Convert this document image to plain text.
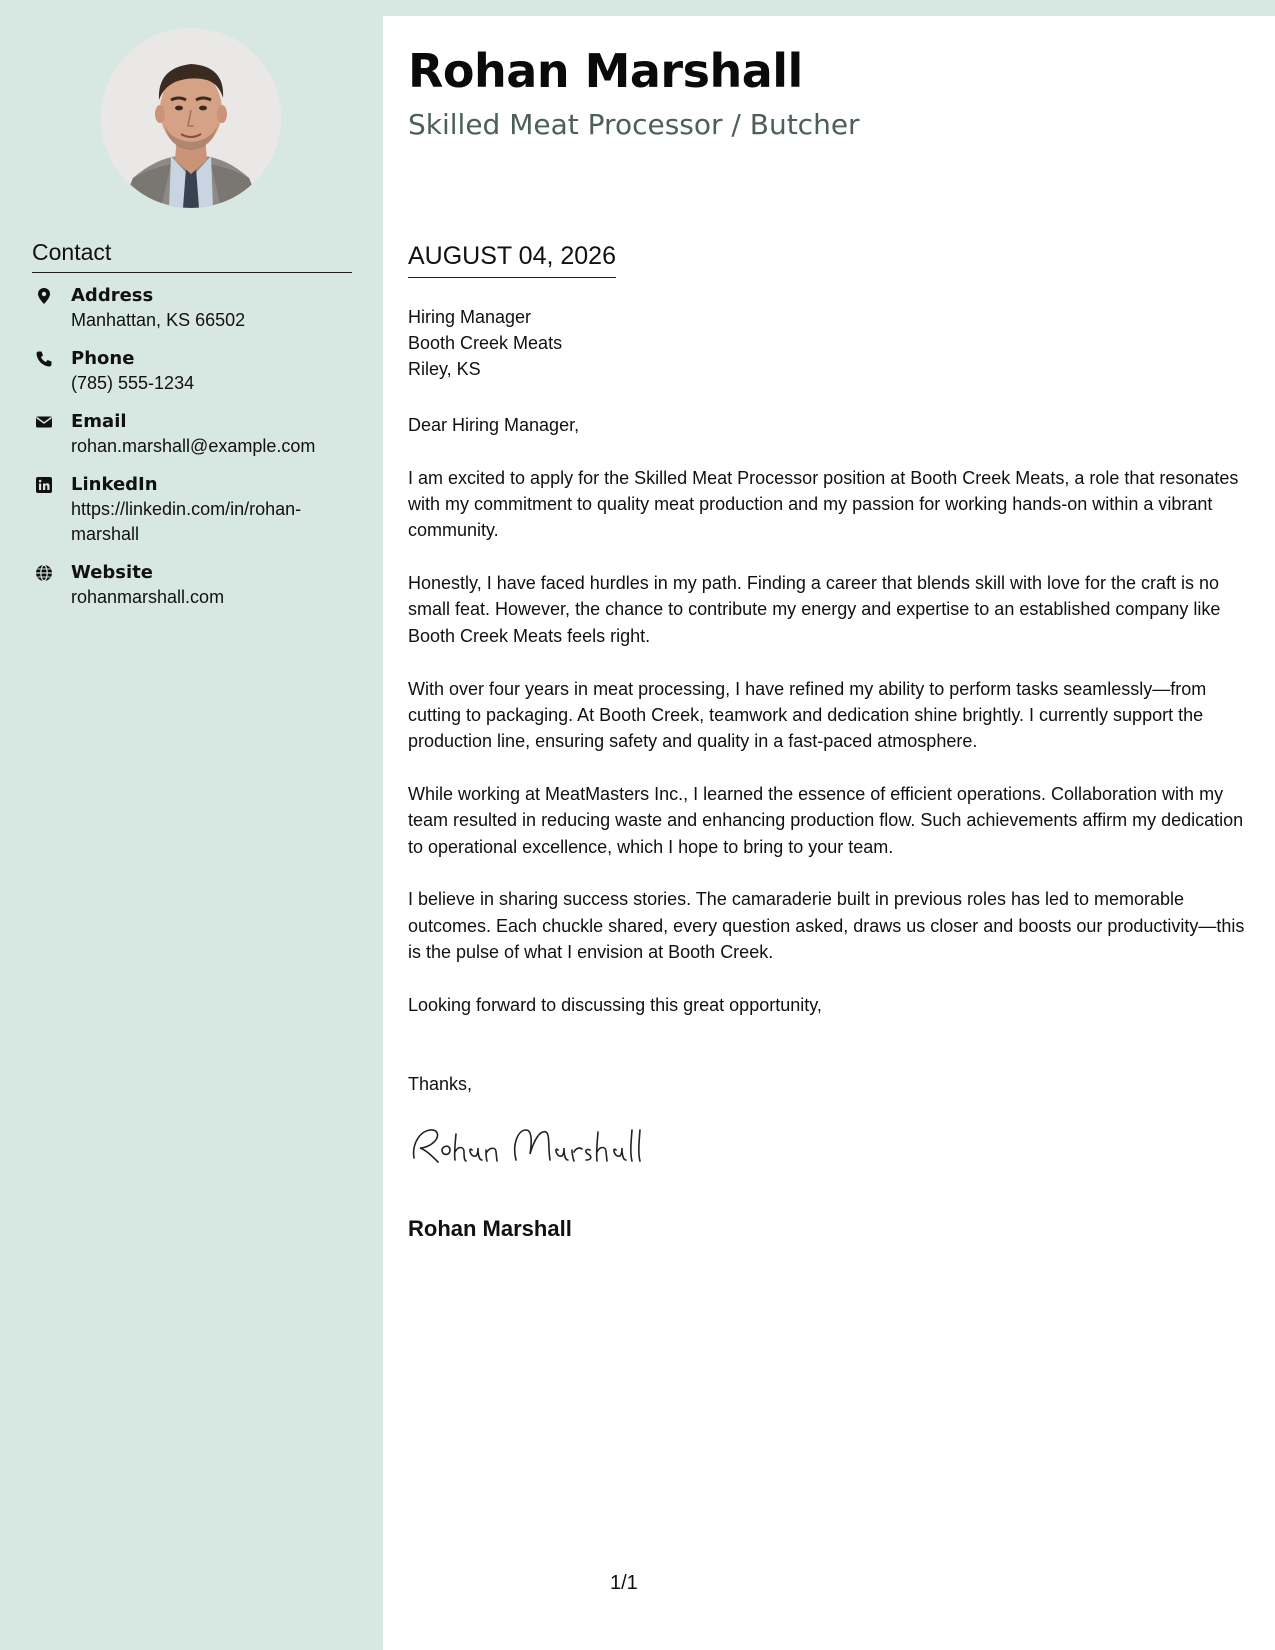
Contact
Address
Manhattan, KS 66502
Phone
(785) 555-1234
Email
rohan.marshall@example.com
LinkedIn
https://linkedin.com/in/rohan-marshall
Website
rohanmarshall.com
Rohan Marshall
Skilled Meat Processor / Butcher
AUGUST 04, 2026
Hiring Manager
Booth Creek Meats
Riley, KS

Dear Hiring Manager,

I am excited to apply for the Skilled Meat Processor position at Booth Creek Meats, a role that resonates with my commitment to quality meat production and my passion for working hands-on within a vibrant community.

Honestly, I have faced hurdles in my path. Finding a career that blends skill with love for the craft is no small feat. However, the chance to contribute my energy and expertise to an established company like Booth Creek Meats feels right.

With over four years in meat processing, I have refined my ability to perform tasks seamlessly—from cutting to packaging. At Booth Creek, teamwork and dedication shine brightly. I currently support the production line, ensuring safety and quality in a fast-paced atmosphere.

While working at MeatMasters Inc., I learned the essence of efficient operations. Collaboration with my team resulted in reducing waste and enhancing production flow. Such achievements affirm my dedication to operational excellence, which I hope to bring to your team.

I believe in sharing success stories. The camaraderie built in previous roles has led to memorable outcomes. Each chuckle shared, every question asked, draws us closer and boosts our productivity—this is the pulse of what I envision at Booth Creek.

Looking forward to discussing this great opportunity,

Thanks,
Rohan Marshall
1/1
